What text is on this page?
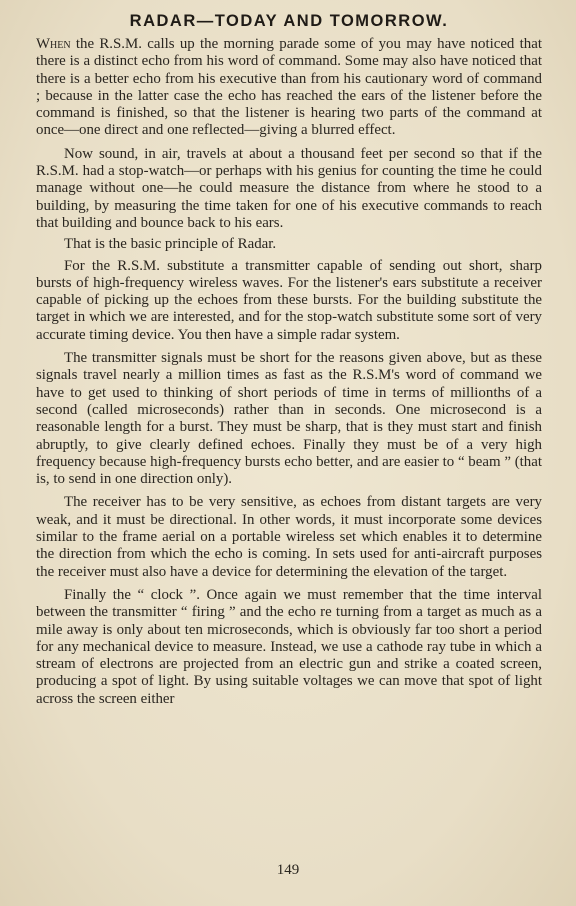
RADAR—TODAY AND TOMORROW.

When the R.S.M. calls up the morning parade some of you may have noticed that there is a distinct echo from his word of command. Some may also have noticed that there is a better echo from his executive than from his cautionary word of command ; because in the latter case the echo has reached the ears of the listener before the command is finished, so that the listener is hearing two parts of the command at once—one direct and one reflected—giving a blurred effect.

Now sound, in air, travels at about a thousand feet per second so that if the R.S.M. had a stop-watch—or perhaps with his genius for counting the time he could manage without one—he could measure the distance from where he stood to a building, by measuring the time taken for one of his executive commands to reach that building and bounce back to his ears.

That is the basic principle of Radar.

For the R.S.M. substitute a transmitter capable of sending out short, sharp bursts of high-frequency wireless waves. For the listener's ears substitute a receiver capable of picking up the echoes from these bursts. For the building substitute the target in which we are interested, and for the stop-watch substitute some sort of very accurate timing device. You then have a simple radar system.

The transmitter signals must be short for the reasons given above, but as these signals travel nearly a million times as fast as the R.S.M's word of command we have to get used to thinking of short periods of time in terms of millionths of a second (called microseconds) rather than in seconds. One microsecond is a reasonable length for a burst. They must be sharp, that is they must start and finish abruptly, to give clearly defined echoes. Finally they must be of a very high frequency because high-frequency bursts echo better, and are easier to “ beam ” (that is, to send in one direction only).

The receiver has to be very sensitive, as echoes from distant targets are very weak, and it must be directional. In other words, it must incorporate some devices similar to the frame aerial on a portable wireless set which enables it to determine the direction from which the echo is coming. In sets used for anti-aircraft purposes the receiver must also have a device for determining the elevation of the target.

Finally the “ clock ”. Once again we must remember that the time interval between the transmitter “ firing ” and the echo re turning from a target as much as a mile away is only about ten microseconds, which is obviously far too short a period for any mechanical device to measure. Instead, we use a cathode ray tube in which a stream of electrons are projected from an electric gun and strike a coated screen, producing a spot of light. By using suitable voltages we can move that spot of light across the screen either

149
